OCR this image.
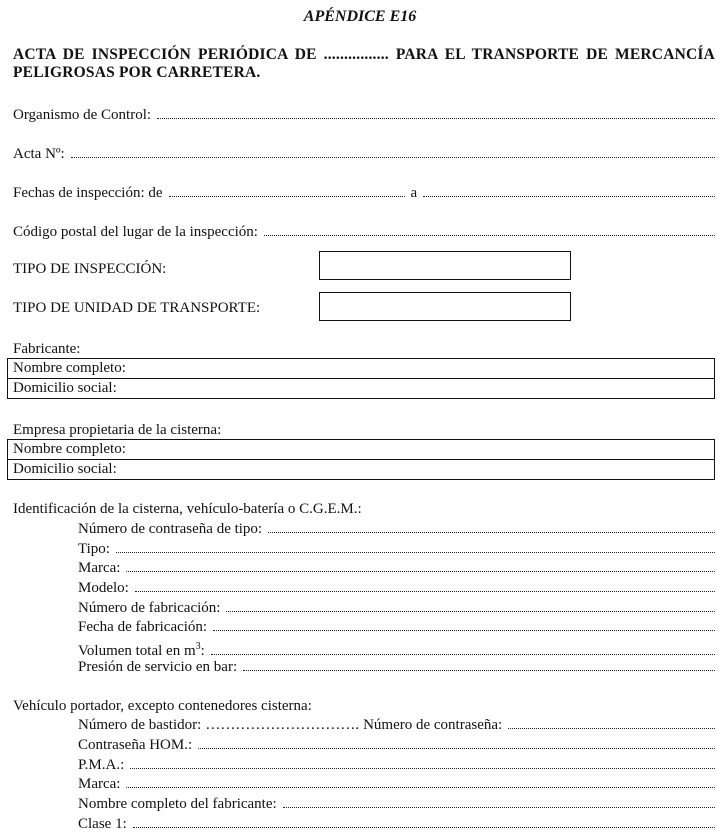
APÉNDICE E16
ACTA DE INSPECCIÓN PERIÓDICA DE ................ PARA EL TRANSPORTE DE MERCANCÍA PELIGROSAS POR CARRETERA.
Organismo de Control:
Acta Nº:
Fechas de inspección: de	a
Código postal del lugar de la inspección:
TIPO DE INSPECCIÓN:
TIPO DE UNIDAD DE TRANSPORTE:
Fabricante:
Nombre completo:
Domicilio social:
Empresa propietaria de la cisterna:
Nombre completo:
Domicilio social:
Identificación de la cisterna, vehículo-batería o C.G.E.M.:
Número de contraseña de tipo:
Tipo:
Marca:
Modelo:
Número de fabricación:
Fecha de fabricación:
Volumen total en $m^3$:
Presión de servicio en bar:
Vehículo portador, excepto contenedores cisterna:
Número de bastidor: …………………………. Número de contraseña:
Contraseña HOM.:
P.M.A.:
Marca:
Nombre completo del fabricante:
Clase 1:
